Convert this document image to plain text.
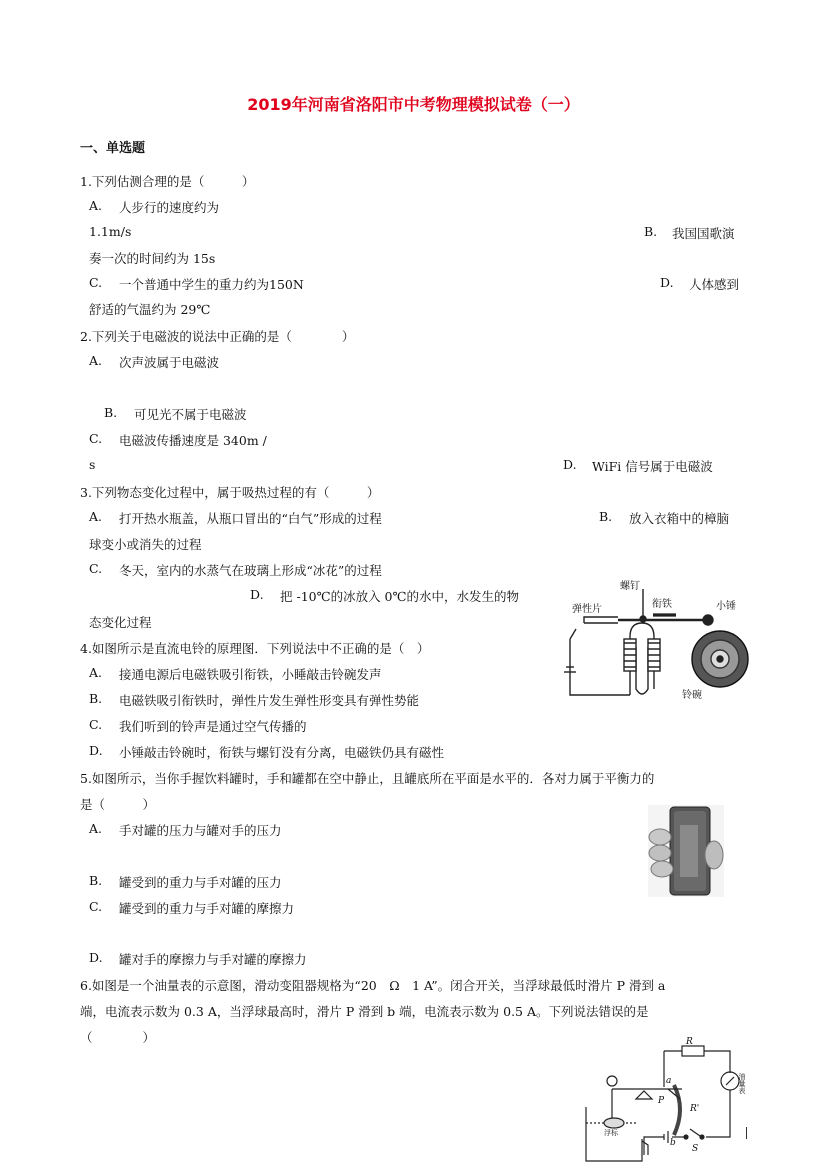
2019年河南省洛阳市中考物理模拟试卷（一）
一、单选题
1.下列估测合理的是（　　　）
A. 人步行的速度约为
1.1m/s	B. 我国国歌演
奏一次的时间约为 15s
C. 一个普通中学生的重力约为150N	D. 人体感到
舒适的气温约为 29℃
2.下列关于电磁波的说法中正确的是（　　　　）
A. 次声波属于电磁波
B. 可见光不属于电磁波
C. 电磁波传播速度是 340m /
s	D. WiFi 信号属于电磁波
3.下列物态变化过程中，属于吸热过程的有（　　　）
A. 打开热水瓶盖，从瓶口冒出的“白气”形成的过程	B. 放入衣箱中的樟脑
球变小或消失的过程
C. 冬天，室内的水蒸气在玻璃上形成“冰花”的过程
D. 把 -10℃的冰放入 0℃的水中，水发生的物
态变化过程
4.如图所示是直流电铃的原理图．下列说法中不正确的是（　）
A. 接通电源后电磁铁吸引衔铁，小睡敲击铃碗发声
B. 电磁铁吸引衔铁时，弹性片发生弹性形变具有弹性势能
C. 我们听到的铃声是通过空气传播的
D. 小锤敲击铃碗时，衔铁与螺钉没有分离，电磁铁仍具有磁性
螺钉
弹性片	衔铁	小锤
铃碗
5.如图所示，当你手握饮料罐时，手和罐都在空中静止，且罐底所在平面是水平的．各对力属于平衡力的
是（　　　）
A. 手对罐的压力与罐对手的压力
B. 罐受到的重力与手对罐的压力
C. 罐受到的重力与手对罐的摩擦力
D. 罐对手的摩擦力与手对罐的摩擦力
6.如图是一个油量表的示意图，滑动变阻器规格为“20　Ω　1 A”。闭合开关，当浮球最低时滑片 P 滑到 a
端，电流表示数为 0.3 A，当浮球最高时，滑片 P 滑到 b 端，电流表示数为 0.5 A。下列说法错误的是
（　　　　）	R
a
b
P
R'
油量表
浮标
S
